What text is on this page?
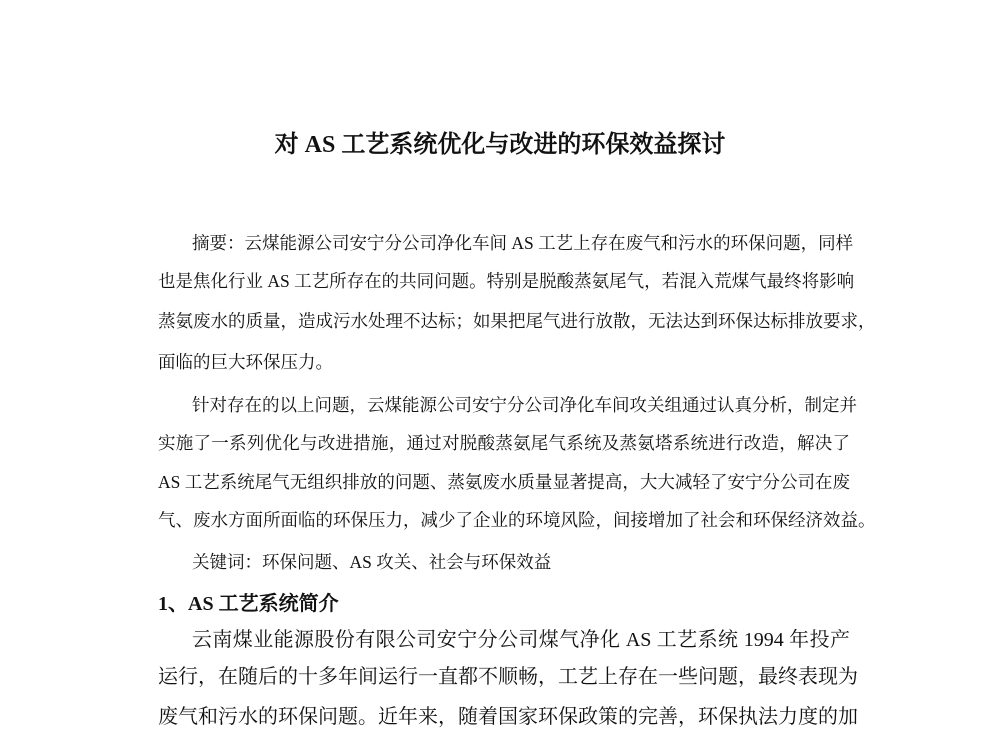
对 AS 工艺系统优化与改进的环保效益探讨
摘要：云煤能源公司安宁分公司净化车间 AS 工艺上存在废气和污水的环保问题，同样
也是焦化行业 AS 工艺所存在的共同问题。特别是脱酸蒸氨尾气，若混入荒煤气最终将影响
蒸氨废水的质量，造成污水处理不达标；如果把尾气进行放散，无法达到环保达标排放要求，
面临的巨大环保压力。
针对存在的以上问题，云煤能源公司安宁分公司净化车间攻关组通过认真分析，制定并
实施了一系列优化与改进措施，通过对脱酸蒸氨尾气系统及蒸氨塔系统进行改造，解决了
AS 工艺系统尾气无组织排放的问题、蒸氨废水质量显著提高，大大减轻了安宁分公司在废
气、废水方面所面临的环保压力，减少了企业的环境风险，间接增加了社会和环保经济效益。
关键词：环保问题、AS 攻关、社会与环保效益
1、AS 工艺系统简介
云南煤业能源股份有限公司安宁分公司煤气净化 AS 工艺系统 1994 年投产
运行，在随后的十多年间运行一直都不顺畅，工艺上存在一些问题，最终表现为
废气和污水的环保问题。近年来，随着国家环保政策的完善，环保执法力度的加
